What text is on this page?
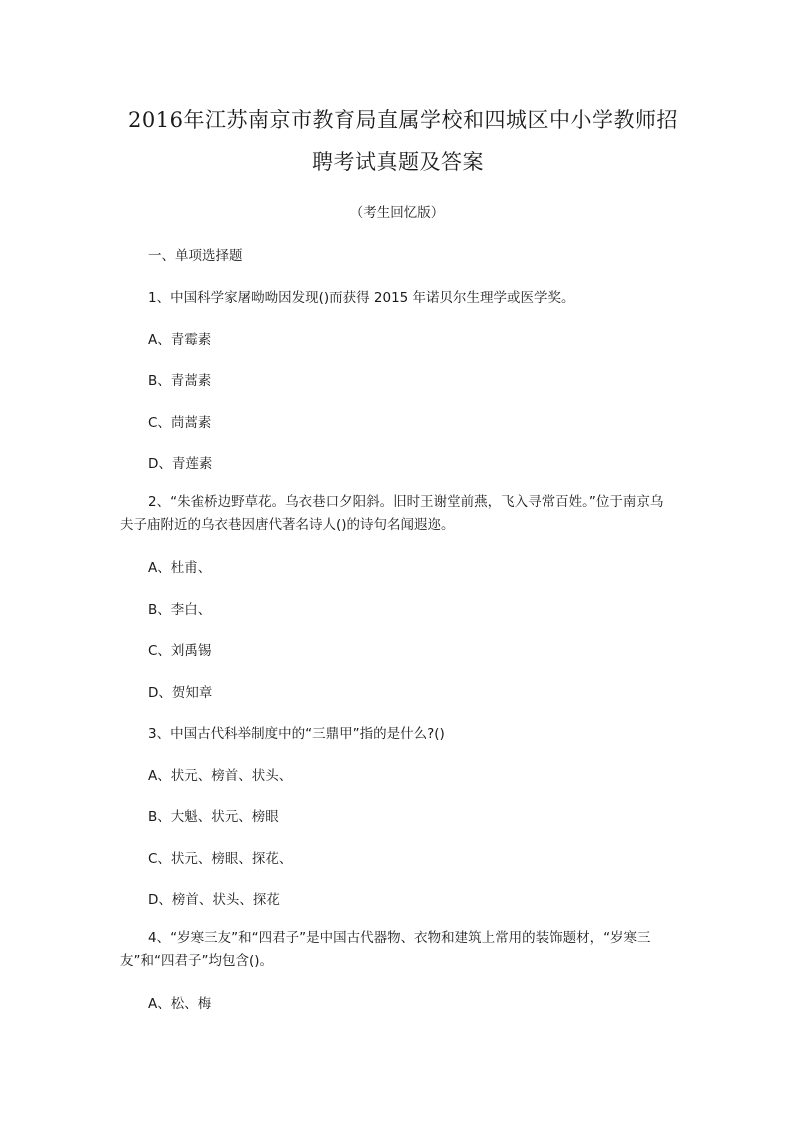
2016年江苏南京市教育局直属学校和四城区中小学教师招
聘考试真题及答案
（考生回忆版）
一、单项选择题
1、中国科学家屠呦呦因发现()而获得 2015 年诺贝尔生理学或医学奖。
A、青霉素
B、青蒿素
C、茼蒿素
D、青莲素
2、“朱雀桥边野草花。乌衣巷口夕阳斜。旧时王谢堂前燕，飞入寻常百姓。”位于南京乌夫子庙附近的乌衣巷因唐代著名诗人()的诗句名闻遐迩。
A、杜甫、
B、李白、
C、刘禹锡
D、贺知章
3、中国古代科举制度中的“三鼎甲”指的是什么?()
A、状元、榜首、状头、
B、大魁、状元、榜眼
C、状元、榜眼、探花、
D、榜首、状头、探花
4、“岁寒三友”和“四君子”是中国古代器物、衣物和建筑上常用的装饰题材，“岁寒三友”和“四君子”均包含()。
A、松、梅
